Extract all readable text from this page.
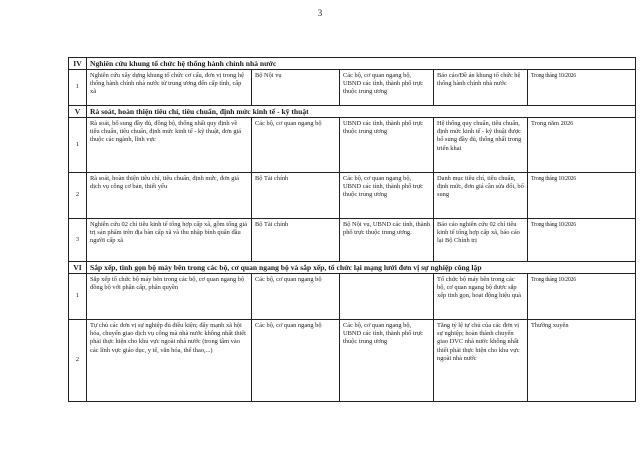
3
IV	Nghiên cứu khung tổ chức hệ thống hành chính nhà nước				
1	Nghiên cứu xây dựng khung tổ chức cơ cấu, đơn vị trong hệ thống hành chính nhà nước từ trung ương đến cấp tỉnh, cấp xã	Bộ Nội vụ	Các bộ, cơ quan ngang bộ, UBND các tỉnh, thành phố trực thuộc trung ương	Báo cáo/Đề án khung tổ chức hệ thống hành chính nhà nước	Trong tháng 10/2026
V	Rà soát, hoàn thiện tiêu chí, tiêu chuẩn, định mức kinh tế - kỹ thuật				
1	Rà soát, bổ sung đầy đủ, đồng bộ, thống nhất quy định về tiêu chuẩn, tiêu chuẩn, định mức kinh tế - kỹ thuật, đơn giá thuộc các ngành, lĩnh vực	Các bộ, cơ quan ngang bộ	UBND các tỉnh, thành phố trực thuộc trung ương	Hệ thống quy chuẩn, tiêu chuẩn, định mức kinh tế - kỹ thuật được bổ sung đầy đủ, thống nhất trong triển khai	Trong năm 2026
2	Rà soát, hoàn thiện tiêu chí, tiêu chuẩn, định mức, đơn giá dịch vụ công cơ bản, thiết yếu	Bộ Tài chính	Các bộ, cơ quan ngang bộ, UBND các tỉnh, thành phố trực thuộc trung ương	Danh mục tiêu chí, tiêu chuẩn, định mức, đơn giá cần sửa đổi, bổ sung	Trong tháng 10/2026
3	Nghiên cứu 02 chỉ tiêu kinh tế tổng hợp cấp xã, gồm tổng giá trị sản phẩm trên địa bàn cấp xã và thu nhập bình quân đầu người cấp xã	Bộ Tài chính	Bộ Nội vụ, UBND các tỉnh, thành phố trực thuộc trung ương.	Báo cáo nghiên cứu 02 chỉ tiêu kinh tế tổng hợp cấp xã, báo cáo lại Bộ Chính trị	Trong tháng 10/2026
VI	Sắp xếp, tinh gọn bộ máy bên trong các bộ, cơ quan ngang bộ và sắp xếp, tổ chức lại mạng lưới đơn vị sự nghiệp công lập				
1	Sắp xếp tổ chức bộ máy bên trong các bộ, cơ quan ngang bộ đồng bộ với phân cấp, phân quyền	Các bộ, cơ quan ngang bộ		Tổ chức bộ máy bên trong các bộ, cơ quan ngang bộ được sắp xếp tinh gọn, hoạt động hiệu quả	Trong tháng 10/2026
2	Tự chủ các đơn vị sự nghiệp đủ điều kiện; đẩy mạnh xã hội hóa, chuyển giao dịch vụ công mà nhà nước không nhất thiết phải thực hiện cho khu vực ngoài nhà nước (trong tâm vào các lĩnh vực giáo dục, y tế, văn hóa, thể thao,...)	Các bộ, cơ quan ngang bộ	Các bộ, cơ quan ngang bộ, UBND các tỉnh, thành phố trực thuộc trung ương	Tăng tỷ lệ tự chủ của các đơn vị sự nghiệp; hoàn thành chuyển giao DVC nhà nước không nhất thiết phải thực hiện cho khu vực ngoài nhà nước	Thường xuyên
